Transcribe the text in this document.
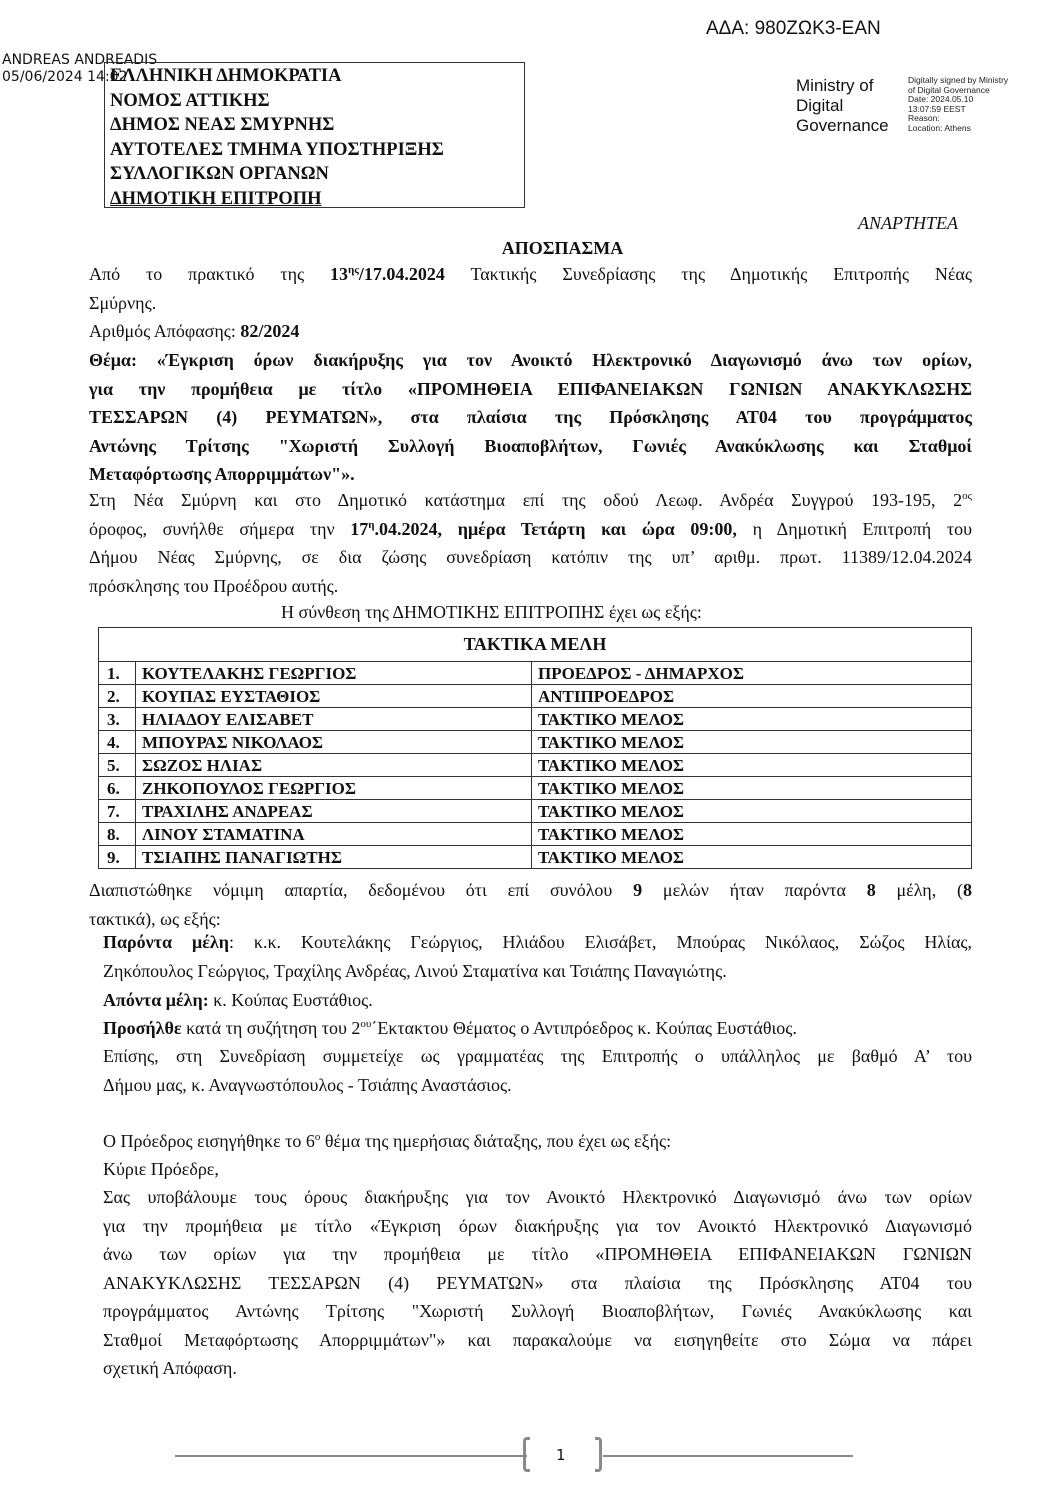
ΑΔΑ: 980ΖΩΚ3-ΕΑΝ
ANDREAS ANDREADIS
05/06/2024 14:02
ΕΛΛΗΝΙΚΗ ΔΗΜΟΚΡΑΤΙΑ
ΝΟΜΟΣ ΑΤΤΙΚΗΣ
ΔΗΜΟΣ ΝΕΑΣ ΣΜΥΡΝΗΣ
ΑΥΤΟΤΕΛΕΣ ΤΜΗΜΑ ΥΠΟΣΤΗΡΙΞΗΣ
ΣΥΛΛΟΓΙΚΩΝ ΟΡΓΑΝΩΝ
ΔΗΜΟΤΙΚΗ ΕΠΙΤΡΟΠΗ
Ministry of
Digital
Governance
Digitally signed by Ministry
of Digital Governance
Date: 2024.05.10
13:07:59 EEST
Reason:
Location: Athens
ΑΝΑΡΤΗΤΕΑ
ΑΠΟΣΠΑΣΜΑ
Από το πρακτικό της $13^{\eta\varsigma}/17.04.2024$ Τακτικής Συνεδρίασης της Δημοτικής Επιτροπής Νέας
Σμύρνης.
Αριθμός Απόφασης: 82/2024
Θέμα: «Έγκριση όρων διακήρυξης για τον Ανοικτό Ηλεκτρονικό Διαγωνισμό άνω των ορίων,
για την προμήθεια με τίτλο «ΠΡΟΜΗΘΕΙΑ ΕΠΙΦΑΝΕΙΑΚΩΝ ΓΩΝΙΩΝ ΑΝΑΚΥΚΛΩΣΗΣ
ΤΕΣΣΑΡΩΝ (4) ΡΕΥΜΑΤΩΝ», στα πλαίσια της Πρόσκλησης ΑΤ04 του προγράμματος
Αντώνης Τρίτσης "Χωριστή Συλλογή Βιοαποβλήτων, Γωνιές Ανακύκλωσης και Σταθμοί
Μεταφόρτωσης Απορριμμάτων"».
Στη Νέα Σμύρνη και στο Δημοτικό κατάστημα επί της οδού Λεωφ. Ανδρέα Συγγρού 193-195, $2^{o\varsigma}$
όροφος, συνήλθε σήμερα την $17^\eta.04.2024$, ημέρα Τετάρτη και ώρα 09:00, η Δημοτική Επιτροπή του
Δήμου Νέας Σμύρνης, σε δια ζώσης συνεδρίαση κατόπιν της υπ’ αριθμ. πρωτ. 11389/12.04.2024
πρόσκλησης του Προέδρου αυτής.
Η σύνθεση της ΔΗΜΟΤΙΚΗΣ ΕΠΙΤΡΟΠΗΣ έχει ως εξής:
ΤΑΚΤΙΚΑ ΜΕΛΗ		
1.	ΚΟΥΤΕΛΑΚΗΣ ΓΕΩΡΓΙΟΣ	ΠΡΟΕΔΡΟΣ - ΔΗΜΑΡΧΟΣ
2.	ΚΟΥΠΑΣ ΕΥΣΤΑΘΙΟΣ	ΑΝΤΙΠΡΟΕΔΡΟΣ
3.	ΗΛΙΑΔΟΥ ΕΛΙΣΑΒΕΤ	ΤΑΚΤΙΚΟ ΜΕΛΟΣ
4.	ΜΠΟΥΡΑΣ ΝΙΚΟΛΑΟΣ	ΤΑΚΤΙΚΟ ΜΕΛΟΣ
5.	ΣΩΖΟΣ ΗΛΙΑΣ	ΤΑΚΤΙΚΟ ΜΕΛΟΣ
6.	ΖΗΚΟΠΟΥΛΟΣ ΓΕΩΡΓΙΟΣ	ΤΑΚΤΙΚΟ ΜΕΛΟΣ
7.	ΤΡΑΧΙΛΗΣ ΑΝΔΡΕΑΣ	ΤΑΚΤΙΚΟ ΜΕΛΟΣ
8.	ΛΙΝΟΥ ΣΤΑΜΑΤΙΝΑ	ΤΑΚΤΙΚΟ ΜΕΛΟΣ
9.	ΤΣΙΑΠΗΣ ΠΑΝΑΓΙΩΤΗΣ	ΤΑΚΤΙΚΟ ΜΕΛΟΣ
Διαπιστώθηκε νόμιμη απαρτία, δεδομένου ότι επί συνόλου 9 μελών ήταν παρόντα 8 μέλη, (8
τακτικά), ως εξής:
Παρόντα μέλη: κ.κ. Κουτελάκης Γεώργιος, Ηλιάδου Ελισάβετ, Μπούρας Νικόλαος, Σώζος Ηλίας,
Ζηκόπουλος Γεώργιος, Τραχίλης Ανδρέας, Λινού Σταματίνα και Τσιάπης Παναγιώτης.
Απόντα μέλη: κ. Κούπας Ευστάθιος.
Προσήλθε κατά τη συζήτηση του $2^{o\upsilon}΄E\kappa\tau\alpha\kappa\tau o\upsilon$ Θέματος ο Αντιπρόεδρος κ. Κούπας Ευστάθιος.
Επίσης, στη Συνεδρίαση συμμετείχε ως γραμματέας της Επιτροπής ο υπάλληλος με βαθμό Α’ του
Δήμου μας, κ. Αναγνωστόπουλος - Τσιάπης Αναστάσιος.
Ο Πρόεδρος εισηγήθηκε το $6^o$ θέμα της ημερήσιας διάταξης, που έχει ως εξής:
Κύριε Πρόεδρε,
Σας υποβάλουμε τους όρους διακήρυξης για τον Ανοικτό Ηλεκτρονικό Διαγωνισμό άνω των ορίων
για την προμήθεια με τίτλο «Έγκριση όρων διακήρυξης για τον Ανοικτό Ηλεκτρονικό Διαγωνισμό
άνω των ορίων για την προμήθεια με τίτλο «ΠΡΟΜΗΘΕΙΑ ΕΠΙΦΑΝΕΙΑΚΩΝ ΓΩΝΙΩΝ
ΑΝΑΚΥΚΛΩΣΗΣ ΤΕΣΣΑΡΩΝ (4) ΡΕΥΜΑΤΩΝ» στα πλαίσια της Πρόσκλησης ΑΤ04 του
προγράμματος Αντώνης Τρίτσης "Χωριστή Συλλογή Βιοαποβλήτων, Γωνιές Ανακύκλωσης και
Σταθμοί Μεταφόρτωσης Απορριμμάτων"» και παρακαλούμε να εισηγηθείτε στο Σώμα να πάρει
σχετική Απόφαση.
1
